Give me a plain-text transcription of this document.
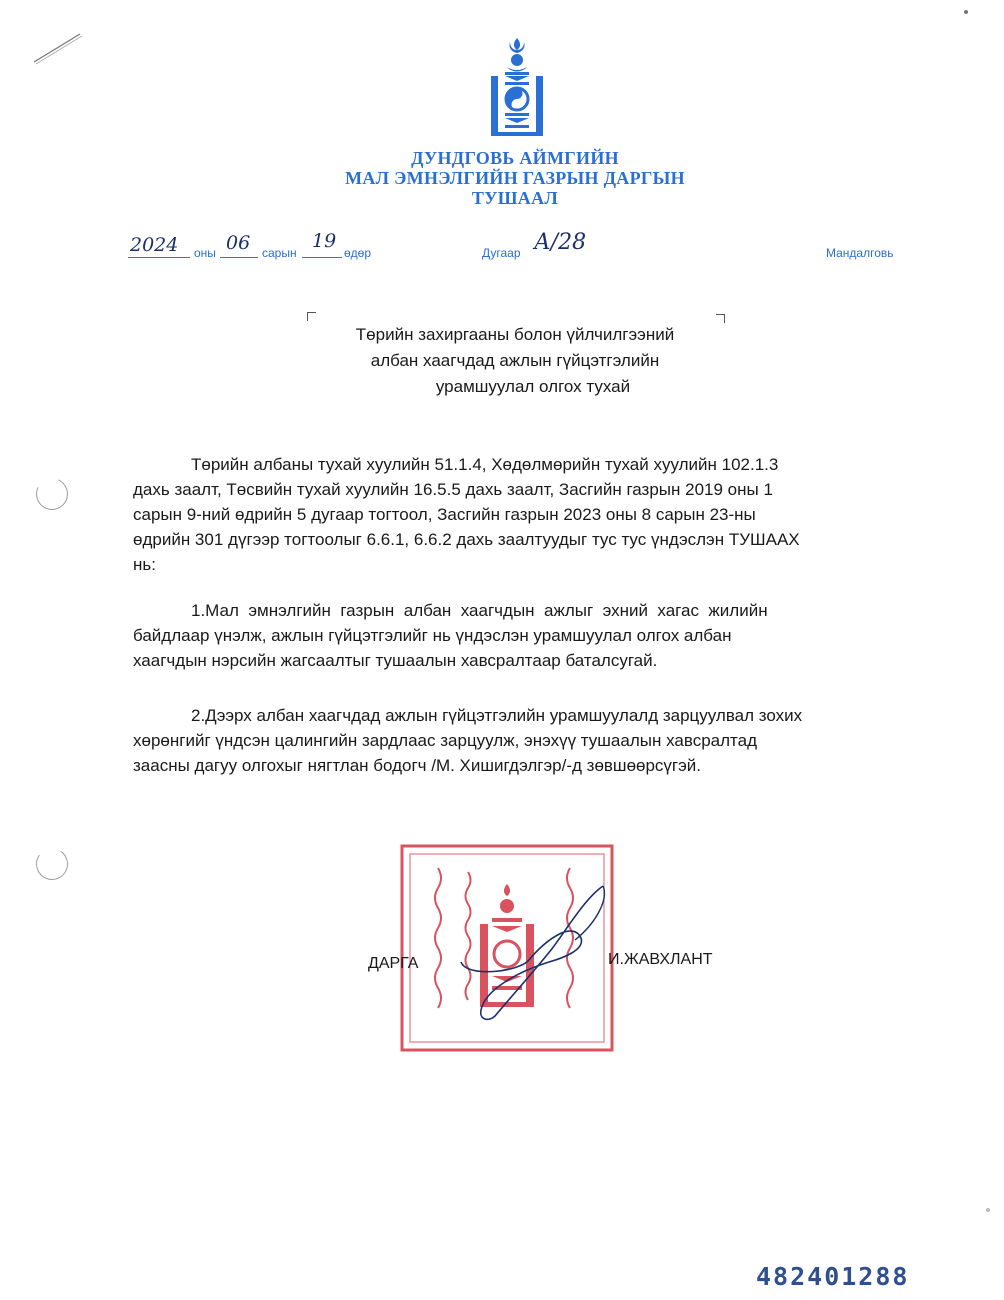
ДУНДГОВЬ АЙМГИЙН
МАЛ ЭМНЭЛГИЙН ГАЗРЫН ДАРГЫН
ТУШААЛ
2024 оны 06 сарын
19
өдөр	Дугаар А/28	Мандалговь
Төрийн захиргааны болон үйлчилгээний
албан хаагчдад ажлын гүйцэтгэлийн
урамшуулал олгох тухай
Төрийн албаны тухай хуулийн 51.1.4, Хөдөлмөрийн тухай хуулийн 102.1.3
дахь заалт, Төсвийн тухай хуулийн 16.5.5 дахь заалт, Засгийн газрын 2019 оны 1
сарын 9-ний өдрийн 5 дугаар тогтоол, Засгийн газрын 2023 оны 8 сарын 23-ны
өдрийн 301 дүгээр тогтоолыг 6.6.1, 6.6.2 дахь заалтуудыг тус тус үндэслэн ТУШААХ
нь:
1.Мал  эмнэлгийн  газрын  албан  хаагчдын  ажлыг  эхний  хагас  жилийн
байдлаар үнэлж, ажлын гүйцэтгэлийг нь үндэслэн урамшуулал олгох албан
хаагчдын нэрсийн жагсаалтыг тушаалын хавсралтаар баталсугай.
2.Дээрх албан хаагчдад ажлын гүйцэтгэлийн урамшуулалд зарцуулвал зохих
хөрөнгийг үндсэн цалингийн зардлаас зарцуулж, энэхүү тушаалын хавсралтад
заасны дагуу олгохыг нягтлан бодогч /М. Хишигдэлгэр/-д зөвшөөрсүгэй.
ДАРГА	И.ЖАВХЛАНТ
482401288
